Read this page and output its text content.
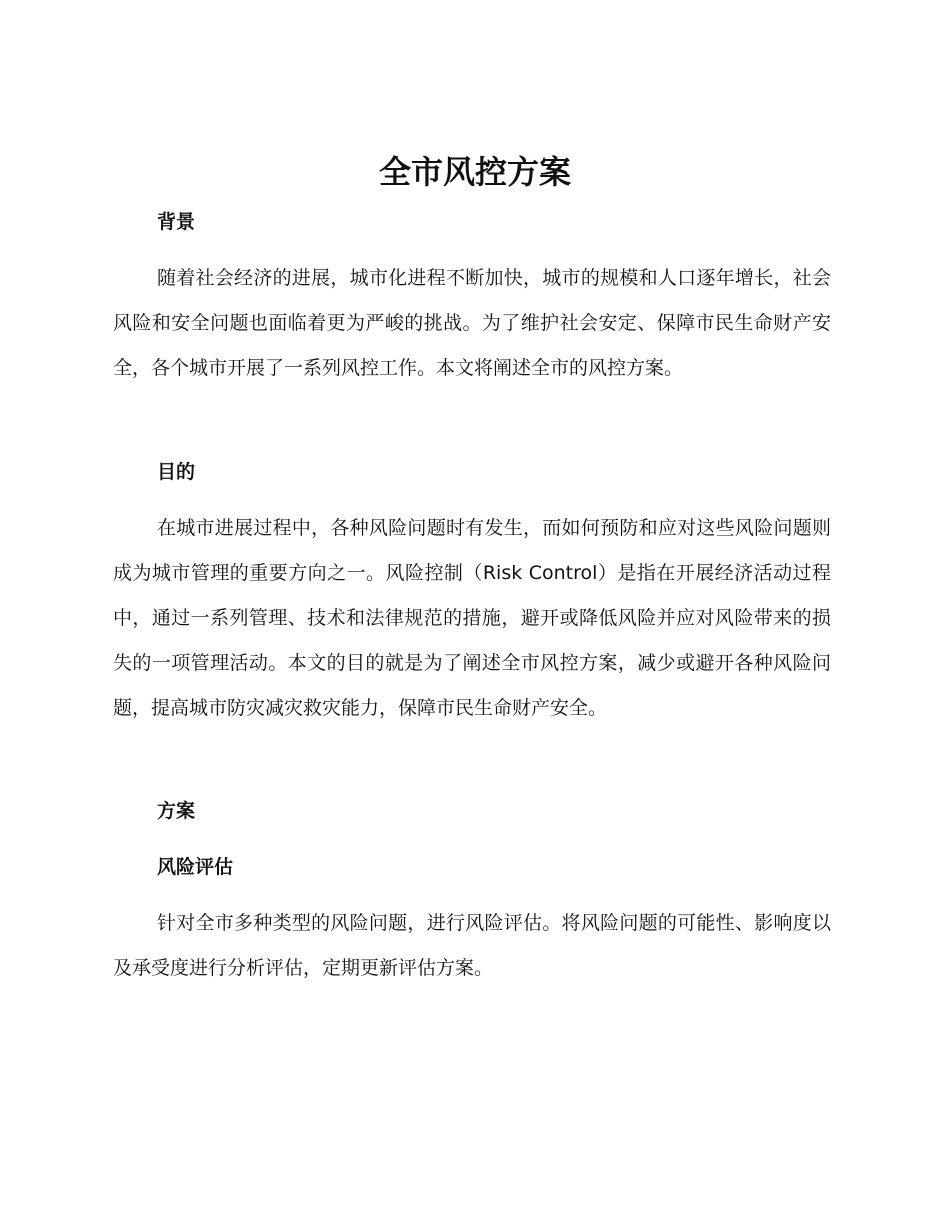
全市风控方案
背景

随着社会经济的进展，城市化进程不断加快，城市的规模和人口逐年增长，社会风险和安全问题也面临着更为严峻的挑战。为了维护社会安定、保障市民生命财产安全，各个城市开展了一系列风控工作。本文将阐述全市的风控方案。

目的

在城市进展过程中，各种风险问题时有发生，而如何预防和应对这些风险问题则成为城市管理的重要方向之一。风险控制（Risk Control）是指在开展经济活动过程中，通过一系列管理、技术和法律规范的措施，避开或降低风险并应对风险带来的损失的一项管理活动。本文的目的就是为了阐述全市风控方案，减少或避开各种风险问题，提高城市防灾减灾救灾能力，保障市民生命财产安全。

方案
风险评估

针对全市多种类型的风险问题，进行风险评估。将风险问题的可能性、影响度以及承受度进行分析评估，定期更新评估方案。
